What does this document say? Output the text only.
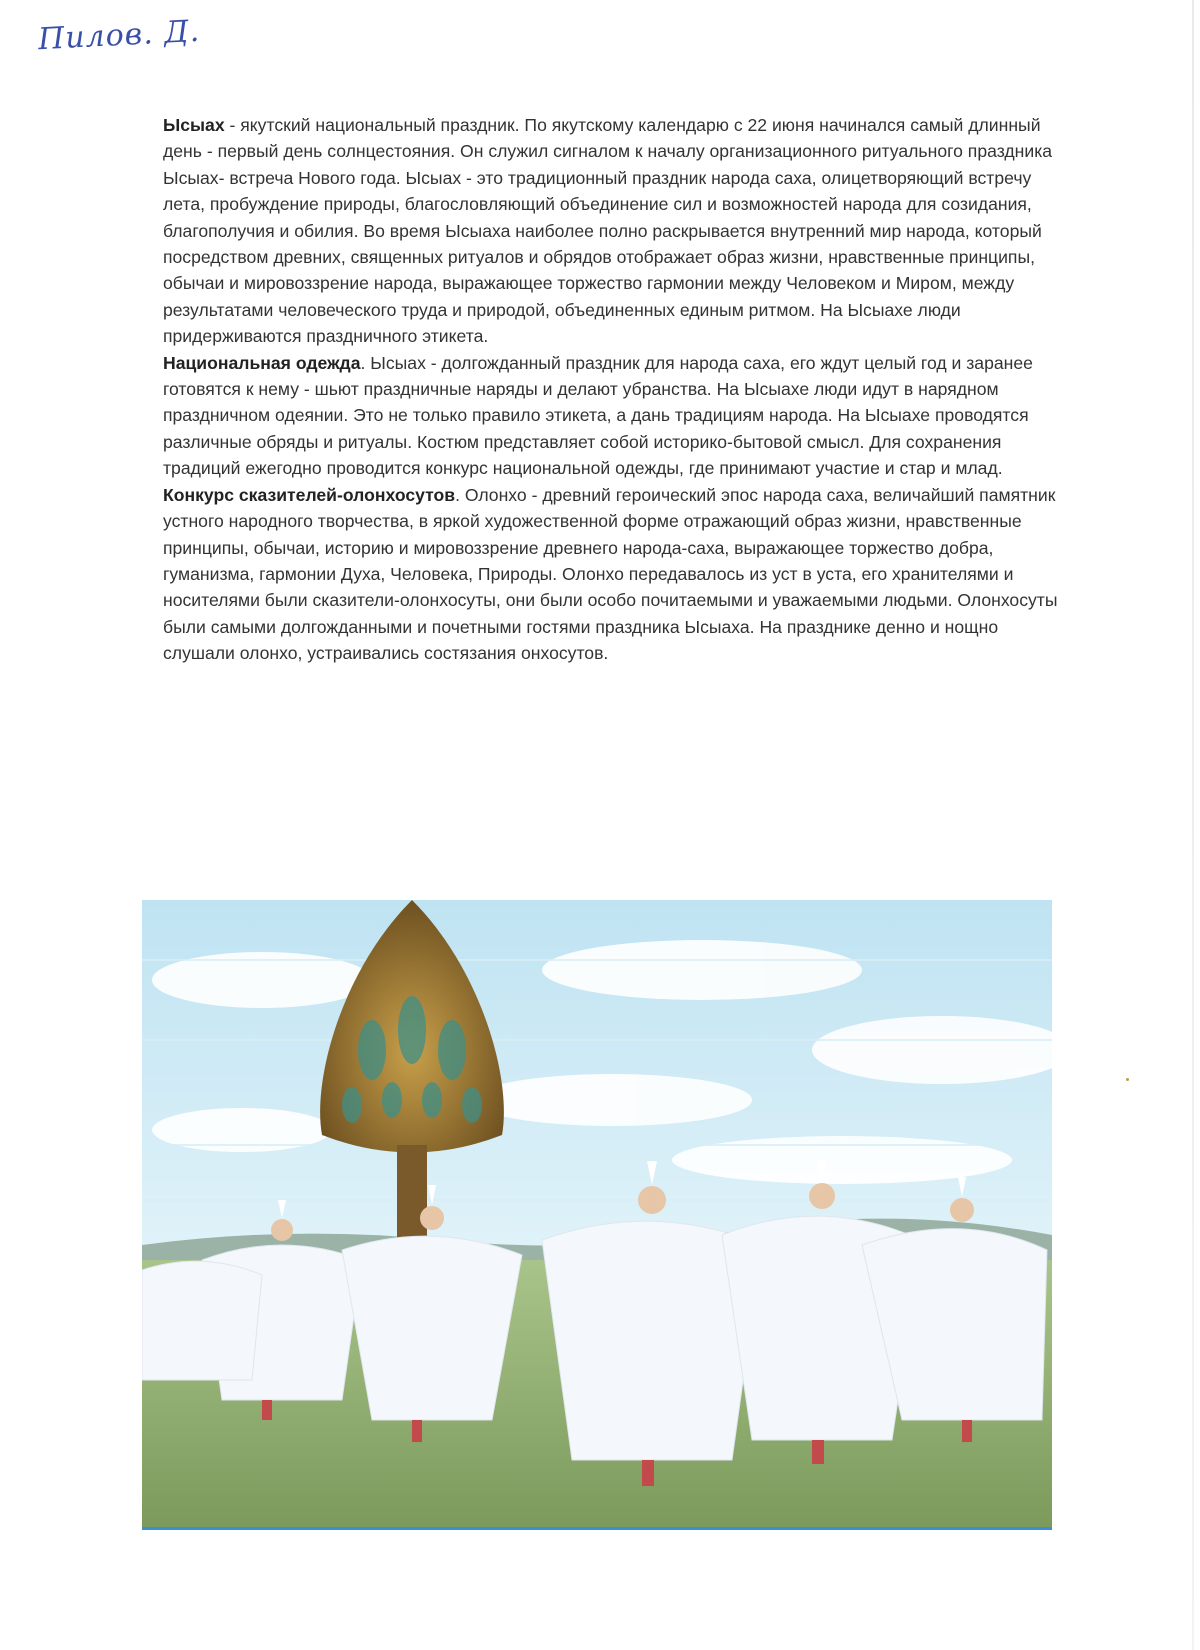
Пилов. Д.

Ысыах - якутский национальный праздник. По якутскому календарю с 22 июня начинался самый длинный день - первый день солнцестояния. Он служил сигналом к началу организационного ритуального праздника Ысыах- встреча Нового года. Ысыах - это традиционный праздник народа саха, олицетворяющий встречу лета, пробуждение природы, благословляющий объединение сил и возможностей народа для созидания, благополучия и обилия. Во время Ысыаха наиболее полно раскрывается внутренний мир народа, который посредством древних, священных ритуалов и обрядов отображает образ жизни, нравственные принципы, обычаи и мировоззрение народа, выражающее торжество гармонии между Человеком и Миром, между результатами человеческого труда и природой, объединенных единым ритмом. На Ысыахе люди придерживаются праздничного этикета.

Национальная одежда. Ысыах - долгожданный праздник для народа саха, его ждут целый год и заранее готовятся к нему - шьют праздничные наряды и делают убранства. На Ысыахе люди идут в нарядном праздничном одеянии. Это не только правило этикета, а дань традициям народа. На Ысыахе проводятся различные обряды и ритуалы. Костюм представляет собой историко-бытовой смысл. Для сохранения традиций ежегодно проводится конкурс национальной одежды, где принимают участие и стар и млад.

Конкурс сказителей-олонхосутов. Олонхо - древний героический эпос народа саха, величайший памятник устного народного творчества, в яркой художественной форме отражающий образ жизни, нравственные принципы, обычаи, историю и мировоззрение древнего народа-саха, выражающее торжество добра, гуманизма, гармонии Духа, Человека, Природы. Олонхо передавалось из уст в уста, его хранителями и носителями были сказители-олонхосуты, они были особо почитаемыми и уважаемыми людьми. Олонхосуты были самыми долгожданными и почетными гостями праздника Ысыаха. На празднике денно и нощно слушали олонхо, устраивались состязания онхосутов.
